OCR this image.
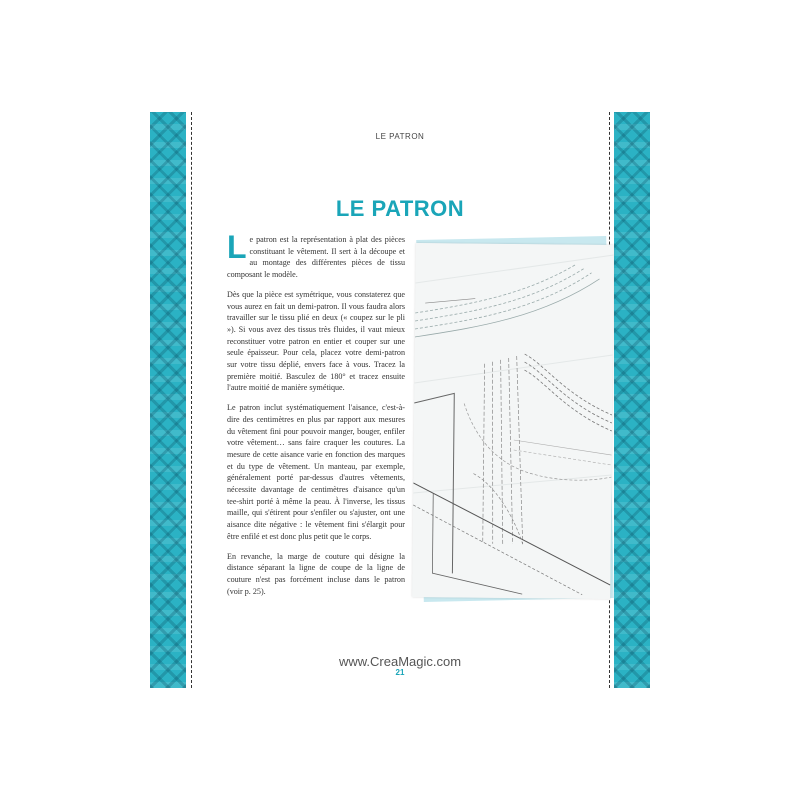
LE PATRON
LE PATRON

Le patron est la représentation à plat des pièces constituant le vêtement. Il sert à la découpe et au montage des différentes pièces de tissu composant le modèle.

Dès que la pièce est symétrique, vous constaterez que vous aurez en fait un demi-patron. Il vous faudra alors travailler sur le tissu plié en deux (« coupez sur le pli »). Si vous avez des tissus très fluides, il vaut mieux reconstituer votre patron en entier et couper sur une seule épaisseur. Pour cela, placez votre demi-patron sur votre tissu déplié, envers face à vous. Tracez la première moitié. Basculez de 180° et tracez ensuite l'autre moitié de manière symétique.

Le patron inclut systématiquement l'aisance, c'est-à-dire des centimètres en plus par rapport aux mesures du vêtement fini pour pouvoir manger, bouger, enfiler votre vêtement… sans faire craquer les coutures. La mesure de cette aisance varie en fonction des marques et du type de vêtement. Un manteau, par exemple, généralement porté par-dessus d'autres vêtements, nécessite davantage de centimètres d'aisance qu'un tee-shirt porté à même la peau. À l'inverse, les tissus maille, qui s'étirent pour s'enfiler ou s'ajuster, ont une aisance dite négative : le vêtement fini s'élargit pour être enfilé et est donc plus petit que le corps.

En revanche, la marge de couture qui désigne la distance séparant la ligne de coupe de la ligne de couture n'est pas forcément incluse dans le patron (voir p. 25).

www.CreaMagic.com
21
